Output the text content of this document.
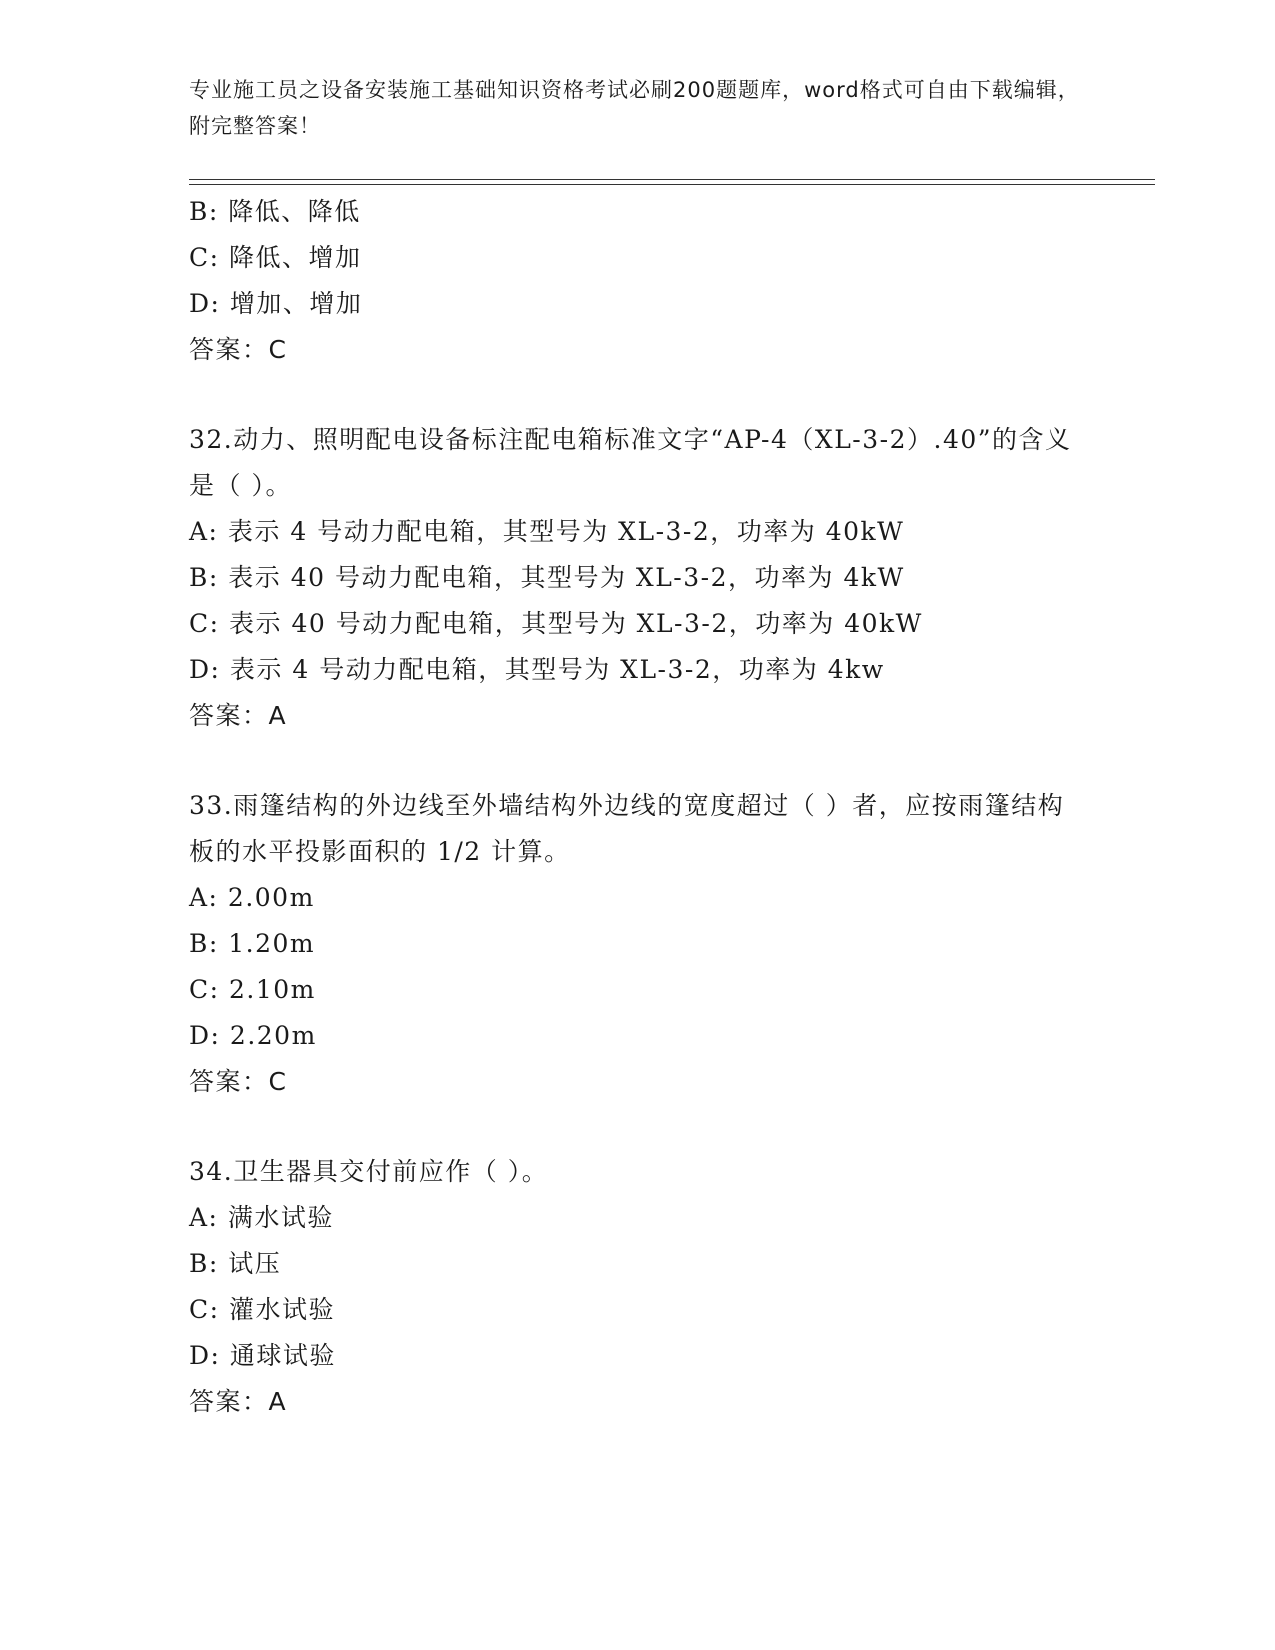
专业施工员之设备安装施工基础知识资格考试必刷200题题库，word格式可自由下载编辑，附完整答案！
B: 降低、降低
C: 降低、增加
D: 增加、增加
答案：C
32.动力、照明配电设备标注配电箱标准文字“AP-4（XL-3-2）.40”的含义是（ ）。
A: 表示 4 号动力配电箱，其型号为 XL-3-2，功率为 40kW
B: 表示 40 号动力配电箱，其型号为 XL-3-2，功率为 4kW
C: 表示 40 号动力配电箱，其型号为 XL-3-2，功率为 40kW
D: 表示 4 号动力配电箱，其型号为 XL-3-2，功率为 4kw
答案：A
33.雨篷结构的外边线至外墙结构外边线的宽度超过（ ）者，应按雨篷结构板的水平投影面积的 1/2 计算。
A: 2.00m
B: 1.20m
C: 2.10m
D: 2.20m
答案：C
34.卫生器具交付前应作（ ）。
A: 满水试验
B: 试压
C: 灌水试验
D: 通球试验
答案：A
